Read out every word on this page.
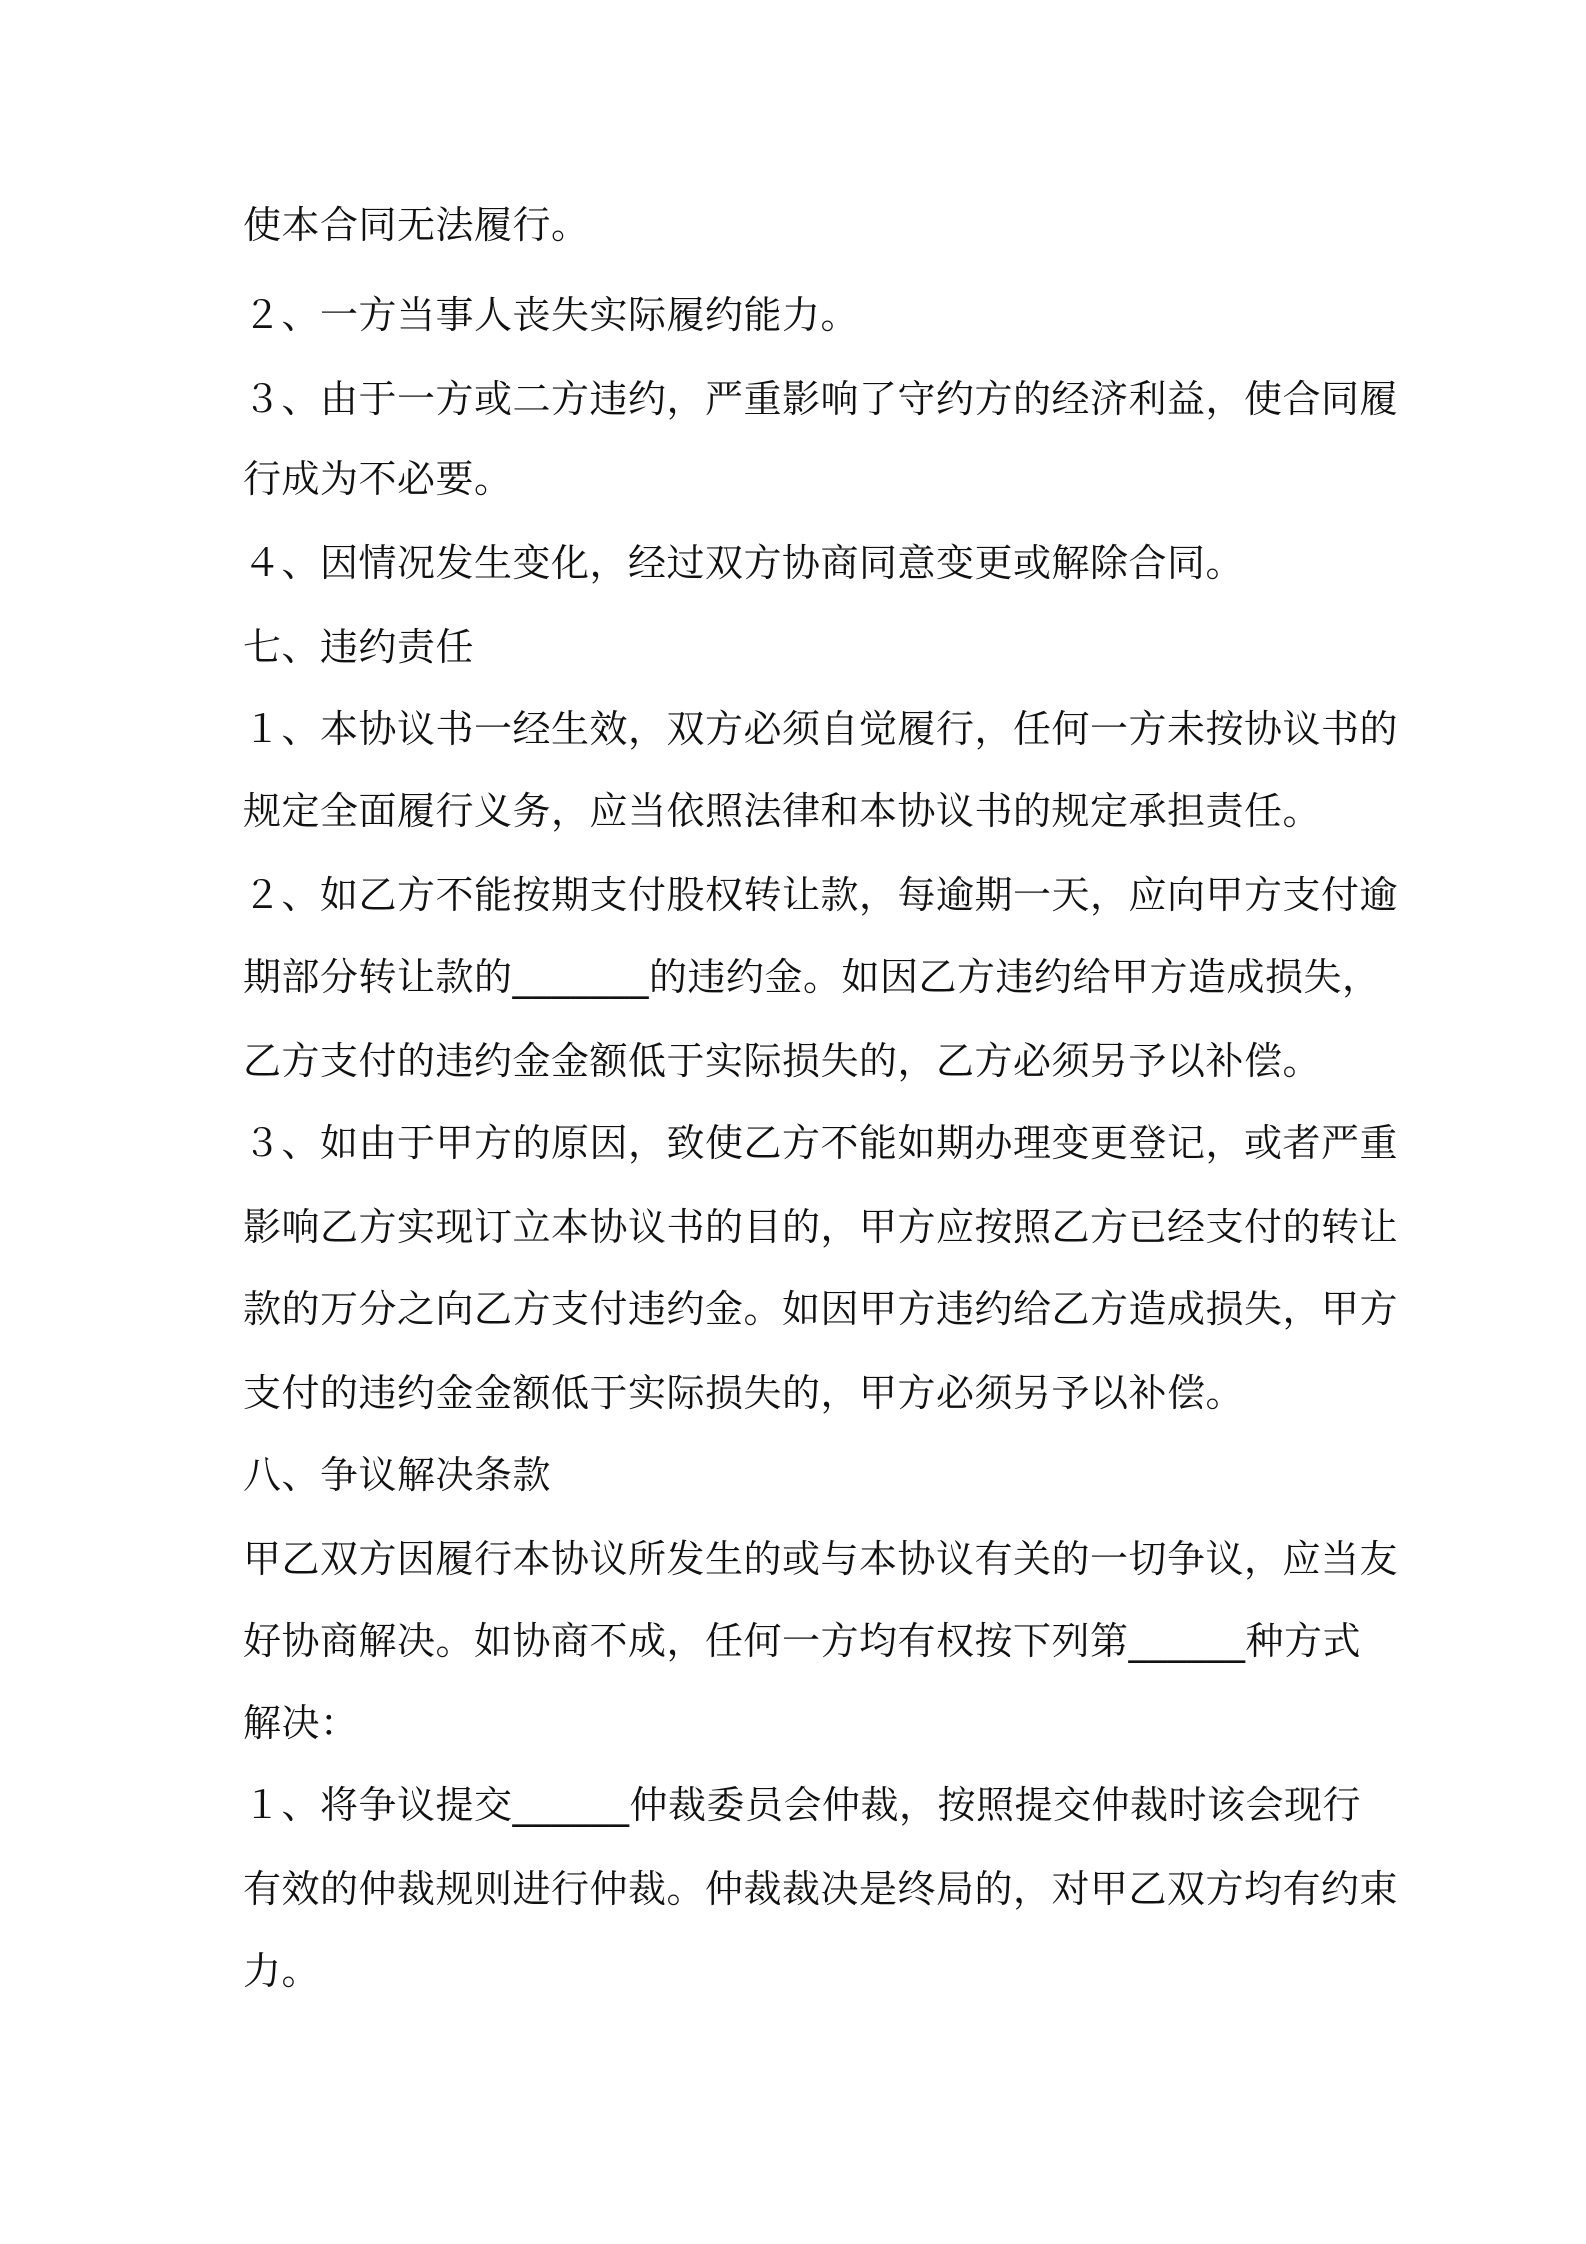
使本合同无法履行。
２、一方当事人丧失实际履约能力。
３、由于一方或二方违约，严重影响了守约方的经济利益，使合同履
行成为不必要。
４、因情况发生变化，经过双方协商同意变更或解除合同。
七、违约责任
１、本协议书一经生效，双方必须自觉履行，任何一方未按协议书的
规定全面履行义务，应当依照法律和本协议书的规定承担责任。
２、如乙方不能按期支付股权转让款，每逾期一天，应向甲方支付逾
期部分转让款的_______的违约金。如因乙方违约给甲方造成损失，
乙方支付的违约金金额低于实际损失的，乙方必须另予以补偿。
３、如由于甲方的原因，致使乙方不能如期办理变更登记，或者严重
影响乙方实现订立本协议书的目的，甲方应按照乙方已经支付的转让
款的万分之向乙方支付违约金。如因甲方违约给乙方造成损失，甲方
支付的违约金金额低于实际损失的，甲方必须另予以补偿。
八、争议解决条款
甲乙双方因履行本协议所发生的或与本协议有关的一切争议，应当友
好协商解决。如协商不成，任何一方均有权按下列第______种方式
解决：
１、将争议提交______仲裁委员会仲裁，按照提交仲裁时该会现行
有效的仲裁规则进行仲裁。仲裁裁决是终局的，对甲乙双方均有约束
力。
